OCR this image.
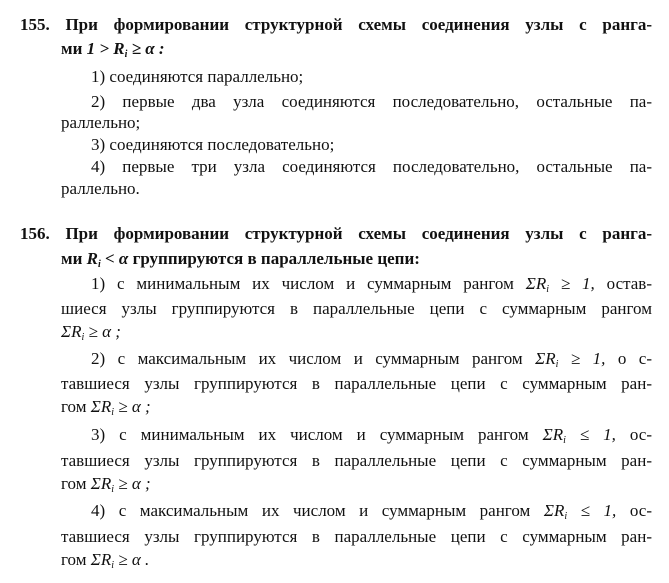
155. При формировании структурной схемы соединения узлы с ранга-
ми $1 > R_i \ge \alpha$ :
1) соединяются параллельно;
2) первые два узла соединяются последовательно, остальные па-
раллельно;
3) соединяются последовательно;
4) первые три узла соединяются последовательно, остальные па-
раллельно.
156. При формировании структурной схемы соединения узлы с ранга-
ми $R_i < \alpha$ группируются в параллельные цепи:
1) с минимальным их числом и суммарным рангом $\Sigma R_i \ge 1$, остав-
шиеся узлы группируются в параллельные цепи с суммарным рангом
$\Sigma R_i \ge \alpha$ ;
2) с максимальным их числом и суммарным рангом $\Sigma R_i \ge 1$, о с-
тавшиеся узлы группируются в параллельные цепи с суммарным ран-
гом $\Sigma R_i \ge \alpha$ ;
3) с минимальным их числом и суммарным рангом $\Sigma R_i \le 1$, ос-
тавшиеся узлы группируются в параллельные цепи с суммарным ран-
гом $\Sigma R_i \ge \alpha$ ;
4) с максимальным их числом и суммарным рангом $\Sigma R_i \le 1$, ос-
тавшиеся узлы группируются в параллельные цепи с суммарным ран-
гом $\Sigma R_i \ge \alpha$ .
